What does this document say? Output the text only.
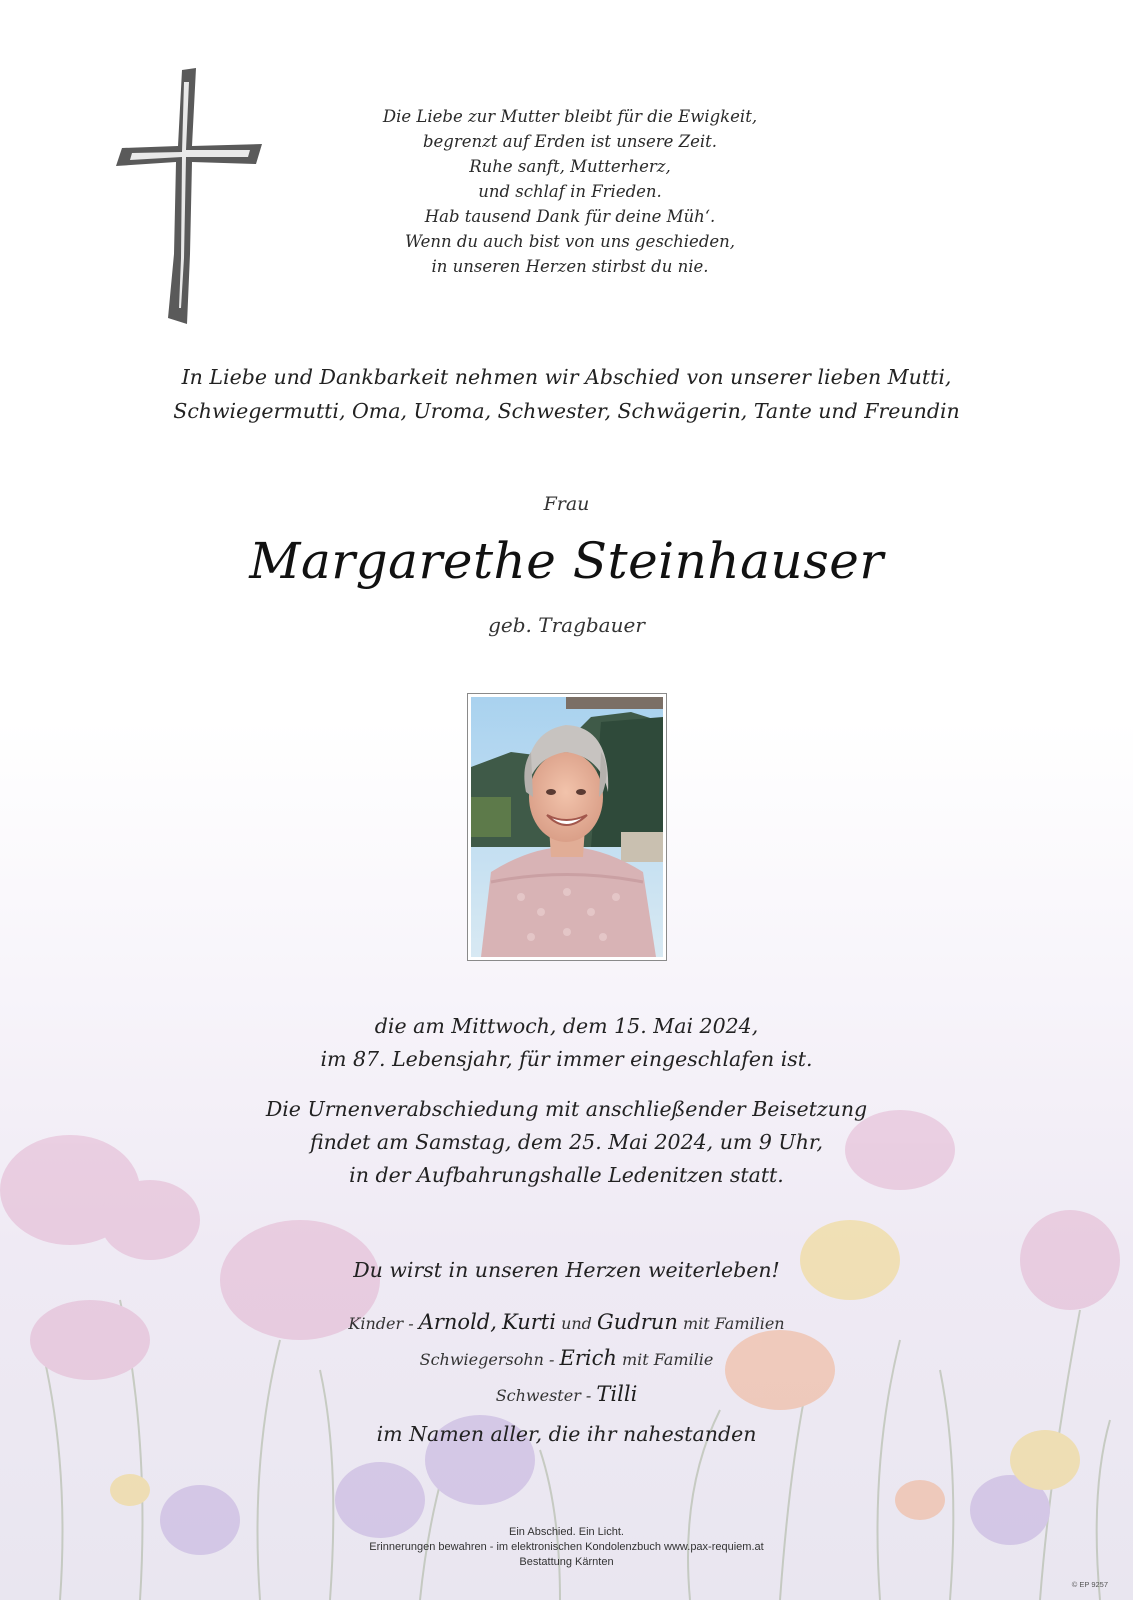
Die Liebe zur Mutter bleibt für die Ewigkeit,
begrenzt auf Erden ist unsere Zeit.
Ruhe sanft, Mutterherz,
und schlaf in Frieden.
Hab tausend Dank für deine Müh‘.
Wenn du auch bist von uns geschieden,
in unseren Herzen stirbst du nie.
In Liebe und Dankbarkeit nehmen wir Abschied von unserer lieben Mutti,
Schwiegermutti, Oma, Uroma, Schwester, Schwägerin, Tante und Freundin
Frau
Margarethe Steinhauser
geb. Tragbauer
die am Mittwoch, dem 15. Mai 2024,
im 87. Lebensjahr, für immer eingeschlafen ist.
Die Urnenverabschiedung mit anschließender Beisetzung
findet am Samstag, dem 25. Mai 2024, um 9 Uhr,
in der Aufbahrungshalle Ledenitzen statt.
Du wirst in unseren Herzen weiterleben!
Kinder - Arnold, Kurti und Gudrun mit Familien
Schwiegersohn - Erich mit Familie
Schwester - Tilli
im Namen aller, die ihr nahestanden
Ein Abschied. Ein Licht.
Erinnerungen bewahren - im elektronischen Kondolenzbuch www.pax-requiem.at
Bestattung Kärnten
© EP 9257
